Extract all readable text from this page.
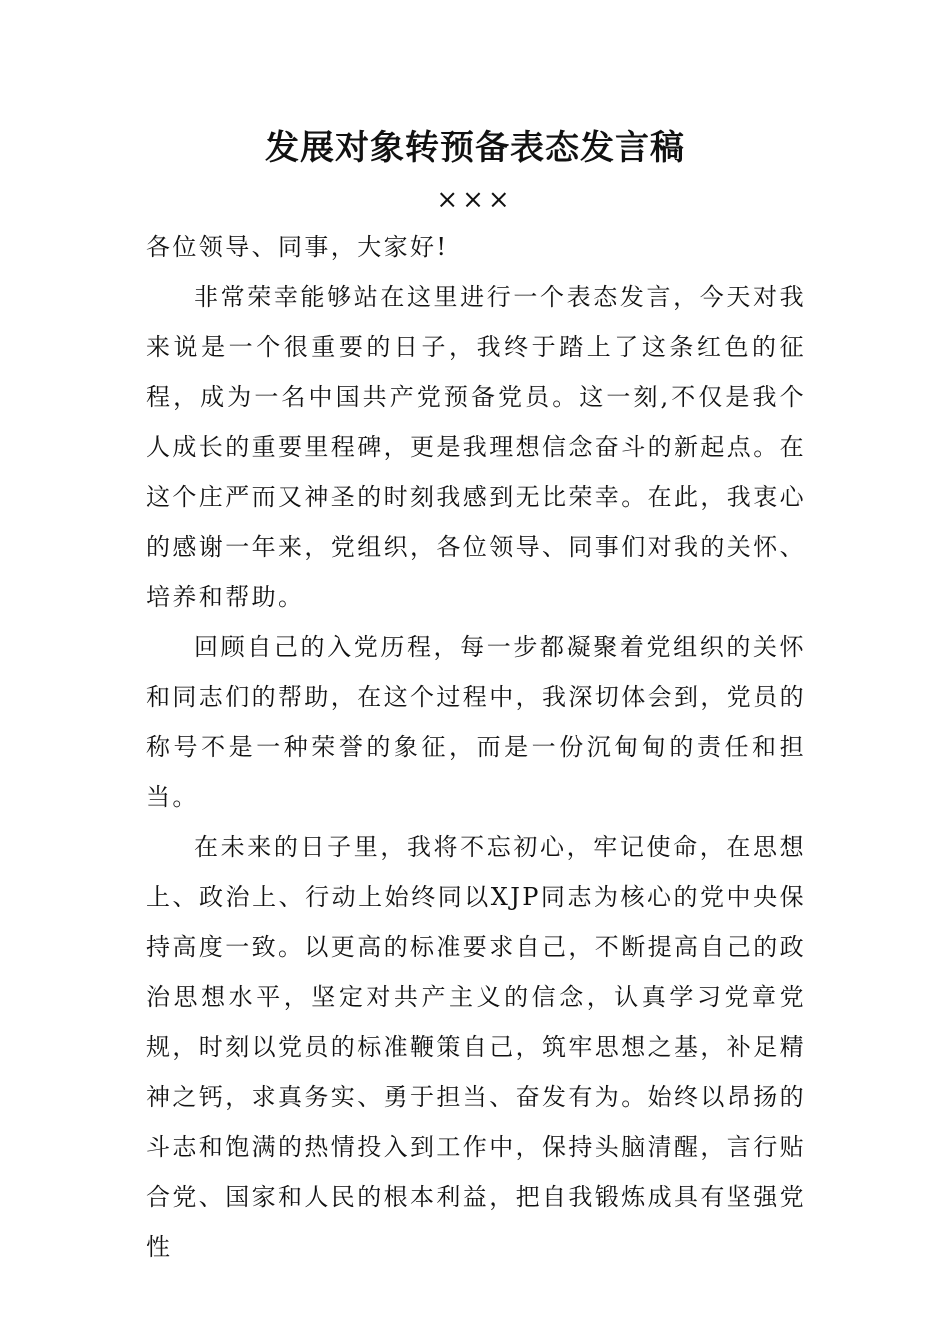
发展对象转预备表态发言稿
×××

各位领导、同事，大家好!

非常荣幸能够站在这里进行一个表态发言，今天对我来说是一个很重要的日子，我终于踏上了这条红色的征程，成为一名中国共产党预备党员。这一刻,不仅是我个人成长的重要里程碑，更是我理想信念奋斗的新起点。在这个庄严而又神圣的时刻我感到无比荣幸。在此，我衷心的感谢一年来，党组织，各位领导、同事们对我的关怀、培养和帮助。

回顾自己的入党历程，每一步都凝聚着党组织的关怀和同志们的帮助，在这个过程中，我深切体会到，党员的称号不是一种荣誉的象征，而是一份沉甸甸的责任和担当。

在未来的日子里，我将不忘初心，牢记使命，在思想上、政治上、行动上始终同以XJP同志为核心的党中央保持高度一致。以更高的标准要求自己，不断提高自己的政治思想水平，坚定对共产主义的信念，认真学习党章党规，时刻以党员的标准鞭策自己，筑牢思想之基，补足精神之钙，求真务实、勇于担当、奋发有为。始终以昂扬的斗志和饱满的热情投入到工作中，保持头脑清醒，言行贴合党、国家和人民的根本利益，把自我锻炼成具有坚强党性
